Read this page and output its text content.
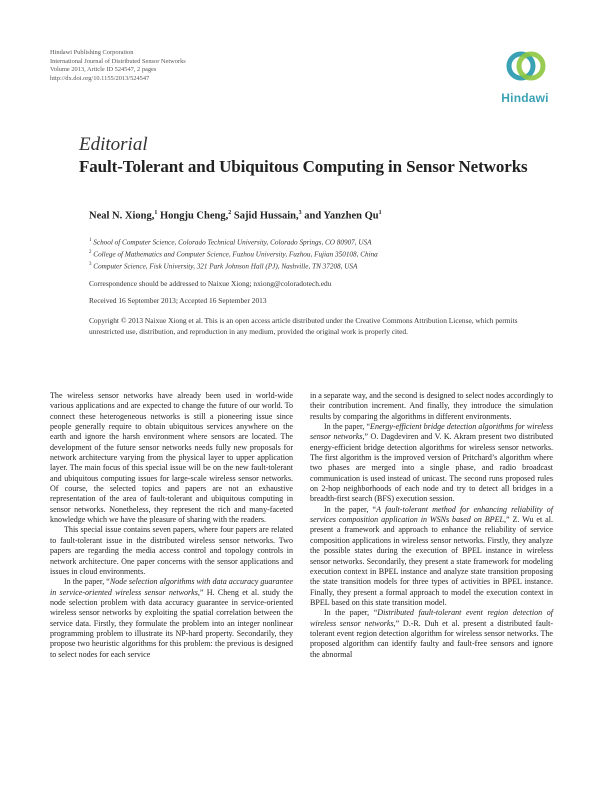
Hindawi Publishing Corporation
International Journal of Distributed Sensor Networks
Volume 2013, Article ID 524547, 2 pages
http://dx.doi.org/10.1155/2013/524547
Hindawi
Editorial
Fault-Tolerant and Ubiquitous Computing in Sensor Networks
Neal N. Xiong,$^1$ Hongju Cheng,$^2$ Sajid Hussain,$^3$ and Yanzhen Qu$^1$
$^1$ School of Computer Science, Colorado Technical University, Colorado Springs, CO 80907, USA
$^2$ College of Mathematics and Computer Science, Fuzhou University, Fuzhou, Fujian 350108, China
$^3$ Computer Science, Fisk University, 321 Park Johnson Hall (PJ), Nashville, TN 37208, USA
Correspondence should be addressed to Naixue Xiong; nxiong@coloradotech.edu
Received 16 September 2013; Accepted 16 September 2013
Copyright © 2013 Naixue Xiong et al. This is an open access article distributed under the Creative Commons Attribution License, which permits unrestricted use, distribution, and reproduction in any medium, provided the original work is properly cited.

The wireless sensor networks have already been used in world-wide various applications and are expected to change the future of our world. To connect these heterogeneous networks is still a pioneering issue since people generally require to obtain ubiquitous services anywhere on the earth and ignore the harsh environment where sensors are located. The development of the future sensor networks needs fully new proposals for network architecture varying from the physical layer to upper application layer. The main focus of this special issue will be on the new fault-tolerant and ubiquitous computing issues for large-scale wireless sensor networks. Of course, the selected topics and papers are not an exhaustive representation of the area of fault-tolerant and ubiquitous computing in sensor networks. Nonetheless, they represent the rich and many-faceted knowledge which we have the pleasure of sharing with the readers.

This special issue contains seven papers, where four papers are related to fault-tolerant issue in the distributed wireless sensor networks. Two papers are regarding the media access control and topology controls in network architecture. One paper concerns with the sensor applications and issues in cloud environments.

In the paper, “Node selection algorithms with data accuracy guarantee in service-oriented wireless sensor networks,” H. Cheng et al. study the node selection problem with data accuracy guarantee in service-oriented wireless sensor networks by exploiting the spatial correlation between the service data. Firstly, they formulate the problem into an integer nonlinear programming problem to illustrate its NP-hard property. Secondarily, they propose two heuristic algorithms for this problem: the previous is designed to select nodes for each service

in a separate way, and the second is designed to select nodes accordingly to their contribution increment. And finally, they introduce the simulation results by comparing the algorithms in different environments.

In the paper, “Energy-efficient bridge detection algorithms for wireless sensor networks,” O. Dagdeviren and V. K. Akram present two distributed energy-efficient bridge detection algorithms for wireless sensor networks. The first algorithm is the improved version of Pritchard’s algorithm where two phases are merged into a single phase, and radio broadcast communication is used instead of unicast. The second runs proposed rules on 2-hop neighborhoods of each node and try to detect all bridges in a breadth-first search (BFS) execution session.

In the paper, “A fault-tolerant method for enhancing reliability of services composition application in WSNs based on BPEL,” Z. Wu et al. present a framework and approach to enhance the reliability of service composition applications in wireless sensor networks. Firstly, they analyze the possible states during the execution of BPEL instance in wireless sensor networks. Secondarily, they present a state framework for modeling execution context in BPEL instance and analyze state transition proposing the state transition models for three types of activities in BPEL instance. Finally, they present a formal approach to model the execution context in BPEL based on this state transition model.

In the paper, “Distributed fault-tolerant event region detection of wireless sensor networks,” D.-R. Duh et al. present a distributed fault-tolerant event region detection algorithm for wireless sensor networks. The proposed algorithm can identify faulty and fault-free sensors and ignore the abnormal
